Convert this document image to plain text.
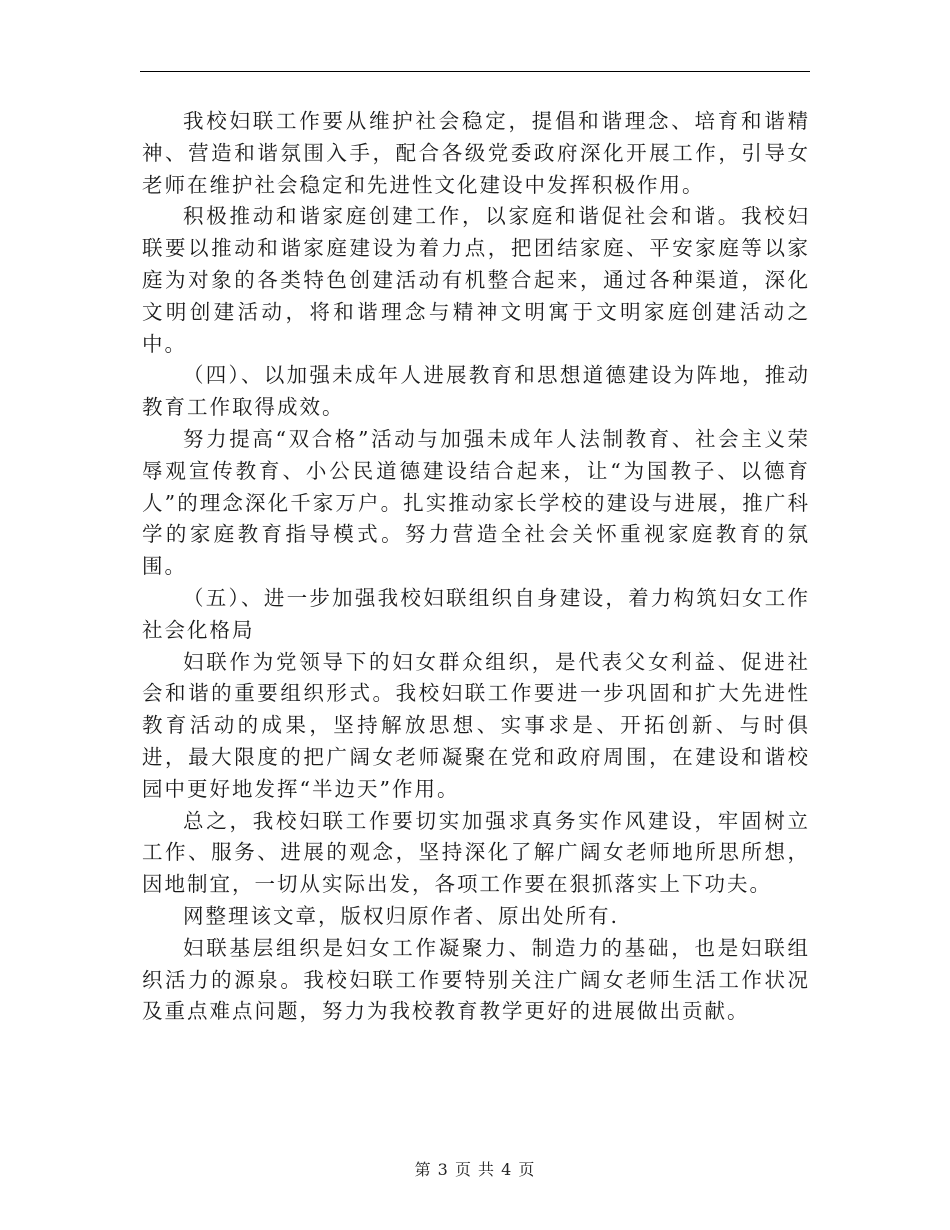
我校妇联工作要从维护社会稳定，提倡和谐理念、培育和谐精神、营造和谐氛围入手，配合各级党委政府深化开展工作，引导女老师在维护社会稳定和先进性文化建设中发挥积极作用。

积极推动和谐家庭创建工作，以家庭和谐促社会和谐。我校妇联要以推动和谐家庭建设为着力点，把团结家庭、平安家庭等以家庭为对象的各类特色创建活动有机整合起来，通过各种渠道，深化文明创建活动，将和谐理念与精神文明寓于文明家庭创建活动之中。

（四）、以加强未成年人进展教育和思想道德建设为阵地，推动教育工作取得成效。

努力提高“双合格”活动与加强未成年人法制教育、社会主义荣辱观宣传教育、小公民道德建设结合起来，让“为国教子、以德育人”的理念深化千家万户。扎实推动家长学校的建设与进展，推广科学的家庭教育指导模式。努力营造全社会关怀重视家庭教育的氛围。

（五）、进一步加强我校妇联组织自身建设，着力构筑妇女工作社会化格局

妇联作为党领导下的妇女群众组织，是代表父女利益、促进社会和谐的重要组织形式。我校妇联工作要进一步巩固和扩大先进性教育活动的成果，坚持解放思想、实事求是、开拓创新、与时俱进，最大限度的把广阔女老师凝聚在党和政府周围，在建设和谐校园中更好地发挥“半边天”作用。

总之，我校妇联工作要切实加强求真务实作风建设，牢固树立工作、服务、进展的观念，坚持深化了解广阔女老师地所思所想，因地制宜，一切从实际出发，各项工作要在狠抓落实上下功夫。

网整理该文章，版权归原作者、原出处所有.

妇联基层组织是妇女工作凝聚力、制造力的基础，也是妇联组织活力的源泉。我校妇联工作要特别关注广阔女老师生活工作状况及重点难点问题，努力为我校教育教学更好的进展做出贡献。

第 3 页 共 4 页
